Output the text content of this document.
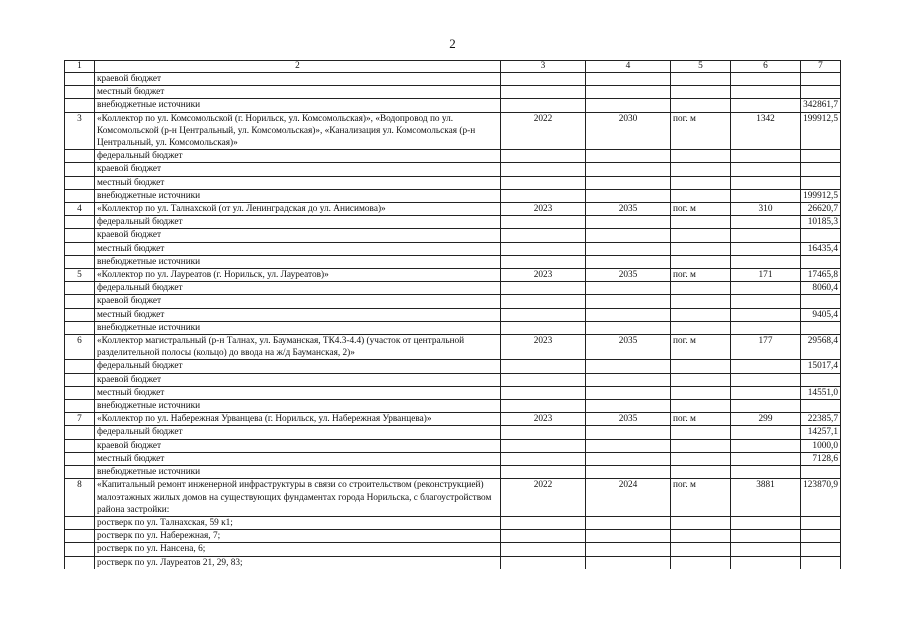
2
1	2	3	4	5	6	7
	краевой бюджет					
	местный бюджет					
	внебюджетные источники					342861,7
3	«Коллектор по ул. Комсомольской (г. Норильск, ул. Комсомольская)», «Водопровод по ул. Комсомольской (р-н Центральный, ул. Комсомольская)», «Канализация ул. Комсомольская (р-н Центральный, ул. Комсомольская)»	2022	2030	пог. м	1342	199912,5
	федеральный бюджет					
	краевой бюджет					
	местный бюджет					
	внебюджетные источники					199912,5
4	«Коллектор по ул. Талнахской (от ул. Ленинградская до ул. Анисимова)»	2023	2035	пог. м	310	26620,7
	федеральный бюджет					10185,3
	краевой бюджет					
	местный бюджет					16435,4
	внебюджетные источники					
5	«Коллектор по ул. Лауреатов (г. Норильск, ул. Лауреатов)»	2023	2035	пог. м	171	17465,8
	федеральный бюджет					8060,4
	краевой бюджет					
	местный бюджет					9405,4
	внебюджетные источники					
6	«Коллектор магистральный (р-н Талнах, ул. Бауманская, ТК4.3-4.4) (участок от центральной разделительной полосы (кольцо) до ввода на ж/д Бауманская, 2)»	2023	2035	пог. м	177	29568,4
	федеральный бюджет					15017,4
	краевой бюджет					
	местный бюджет					14551,0
	внебюджетные источники					
7	«Коллектор по ул. Набережная Урванцева (г. Норильск, ул. Набережная Урванцева)»	2023	2035	пог. м	299	22385,7
	федеральный бюджет					14257,1
	краевой бюджет					1000,0
	местный бюджет					7128,6
	внебюджетные источники					
8	«Капитальный ремонт инженерной инфраструктуры в связи со строительством (реконструкцией) малоэтажных жилых домов на существующих фундаментах города Норильска, с благоустройством района застройки:	2022	2024	пог. м	3881	123870,9
	ростверк по ул. Талнахская, 59 к1;					
	ростверк по ул. Набережная, 7;					
	ростверк по ул. Нансена, 6;					
	ростверк по ул. Лауреатов 21, 29, 83;					
